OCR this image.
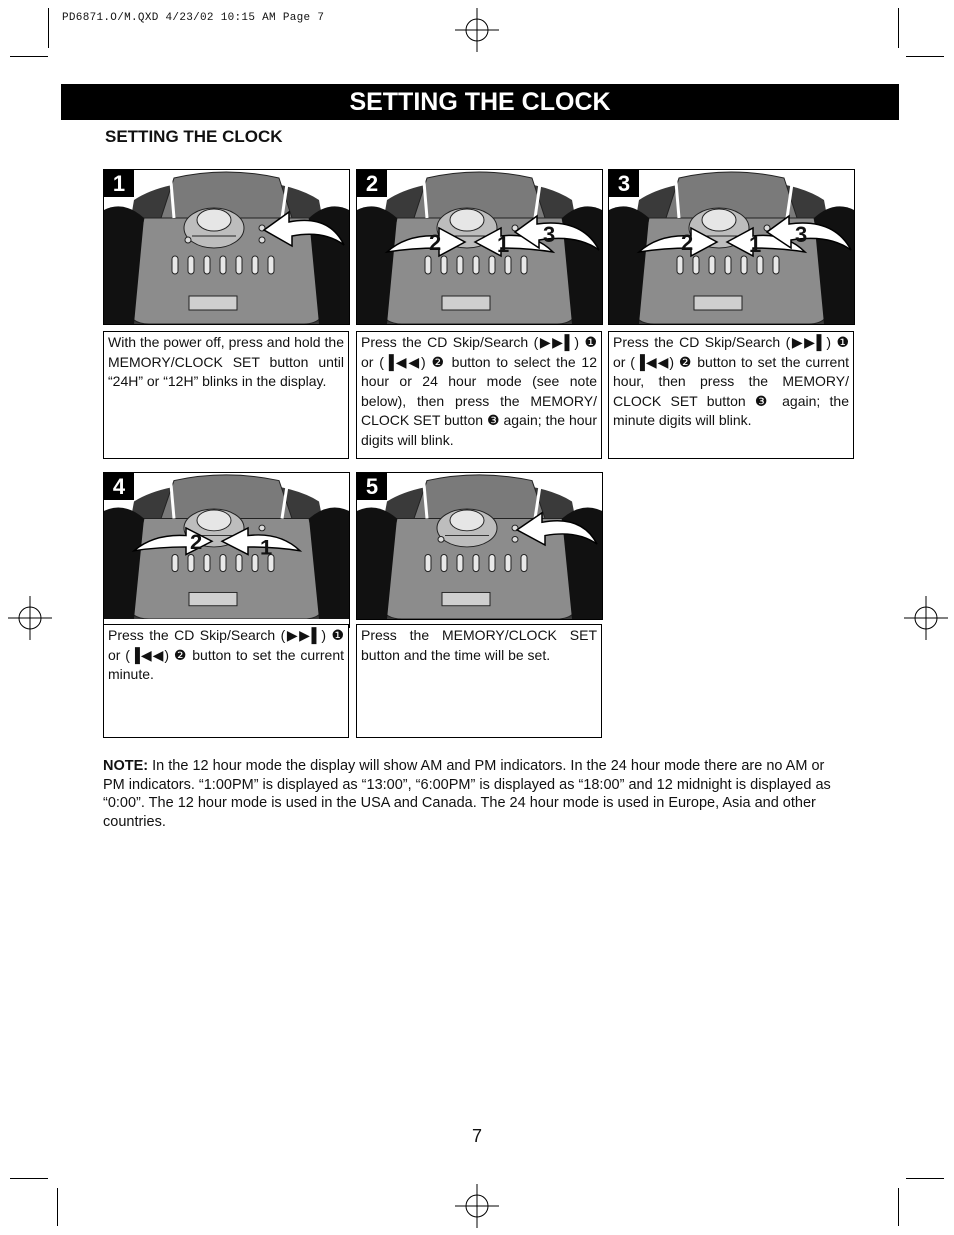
PD6871.O/M.QXD 4/23/02 10:15 AM Page 7
SETTING THE CLOCK
SETTING THE CLOCK
1
With the power off, press and hold the MEMORY/CLOCK SET button until “24H” or “12H” blinks in the display.
2
2	1 3
Press the CD Skip/Search (▶▶▌) ❶ or (▐◀◀) ❷ button to select the 12 hour or 24 hour mode (see note below), then press the MEMORY/ CLOCK SET button ❸ again; the hour digits will blink.
3
2	1 3
Press the CD Skip/Search (▶▶▌) ❶ or (▐◀◀) ❷ button to set the current hour, then press the MEMORY/ CLOCK SET button ❸ again; the minute digits will blink.
4
2	1
Press the CD Skip/Search (▶▶▌) ❶ or (▐◀◀) ❷ button to set the current minute.
5
Press the MEMORY/CLOCK SET button and the time will be set.
NOTE: In the 12 hour mode the display will show AM and PM indicators. In the 24 hour mode there are no AM or PM indicators. “1:00PM” is displayed as “13:00”, “6:00PM” is displayed as “18:00” and 12 midnight is displayed as “0:00”. The 12 hour mode is used in the USA and Canada. The 24 hour mode is used in Europe, Asia and other countries.
7
